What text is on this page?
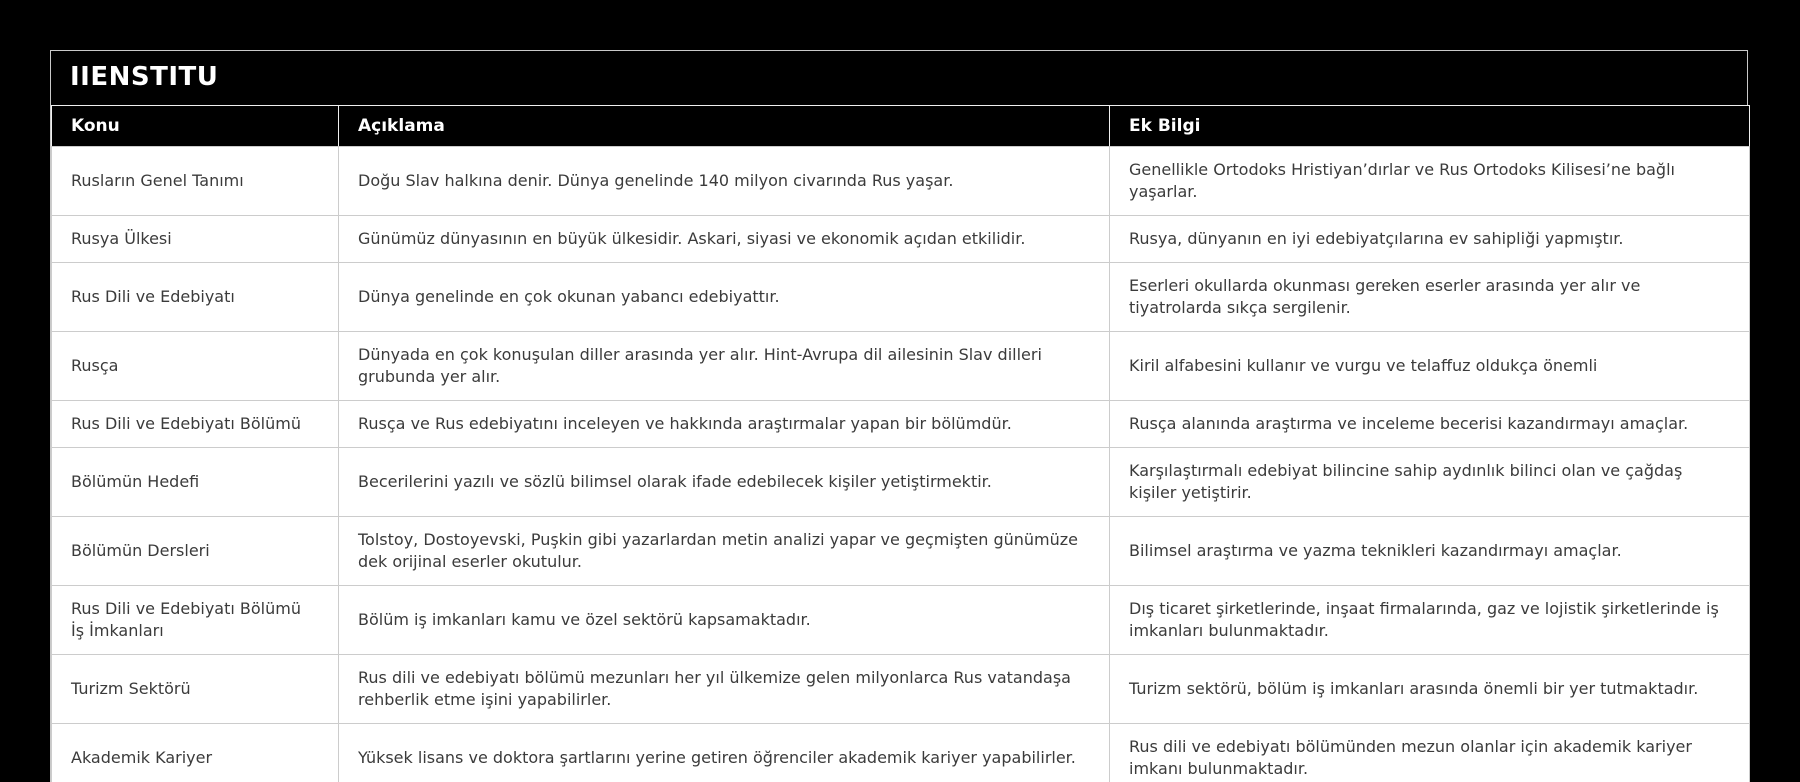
IIENSTITU
Konu	Açıklama	Ek Bilgi
Rusların Genel Tanımı	Doğu Slav halkına denir. Dünya genelinde 140 milyon civarında Rus yaşar.	Genellikle Ortodoks Hristiyan’dırlar ve Rus Ortodoks Kilisesi’ne bağlı yaşarlar.
Rusya Ülkesi	Günümüz dünyasının en büyük ülkesidir. Askari, siyasi ve ekonomik açıdan etkilidir.	Rusya, dünyanın en iyi edebiyatçılarına ev sahipliği yapmıştır.
Rus Dili ve Edebiyatı	Dünya genelinde en çok okunan yabancı edebiyattır.	Eserleri okullarda okunması gereken eserler arasında yer alır ve tiyatrolarda sıkça sergilenir.
Rusça	Dünyada en çok konuşulan diller arasında yer alır. Hint-Avrupa dil ailesinin Slav dilleri grubunda yer alır.	Kiril alfabesini kullanır ve vurgu ve telaffuz oldukça önemli
Rus Dili ve Edebiyatı Bölümü	Rusça ve Rus edebiyatını inceleyen ve hakkında araştırmalar yapan bir bölümdür.	Rusça alanında araştırma ve inceleme becerisi kazandırmayı amaçlar.
Bölümün Hedefi	Becerilerini yazılı ve sözlü bilimsel olarak ifade edebilecek kişiler yetiştirmektir.	Karşılaştırmalı edebiyat bilincine sahip aydınlık bilinci olan ve çağdaş kişiler yetiştirir.
Bölümün Dersleri	Tolstoy, Dostoyevski, Puşkin gibi yazarlardan metin analizi yapar ve geçmişten günümüze dek orijinal eserler okutulur.	Bilimsel araştırma ve yazma teknikleri kazandırmayı amaçlar.
Rus Dili ve Edebiyatı Bölümü İş İmkanları	Bölüm iş imkanları kamu ve özel sektörü kapsamaktadır.	Dış ticaret şirketlerinde, inşaat firmalarında, gaz ve lojistik şirketlerinde iş imkanları bulunmaktadır.
Turizm Sektörü	Rus dili ve edebiyatı bölümü mezunları her yıl ülkemize gelen milyonlarca Rus vatandaşa rehberlik etme işini yapabilirler.	Turizm sektörü, bölüm iş imkanları arasında önemli bir yer tutmaktadır.
Akademik Kariyer	Yüksek lisans ve doktora şartlarını yerine getiren öğrenciler akademik kariyer yapabilirler.	Rus dili ve edebiyatı bölümünden mezun olanlar için akademik kariyer imkanı bulunmaktadır.
